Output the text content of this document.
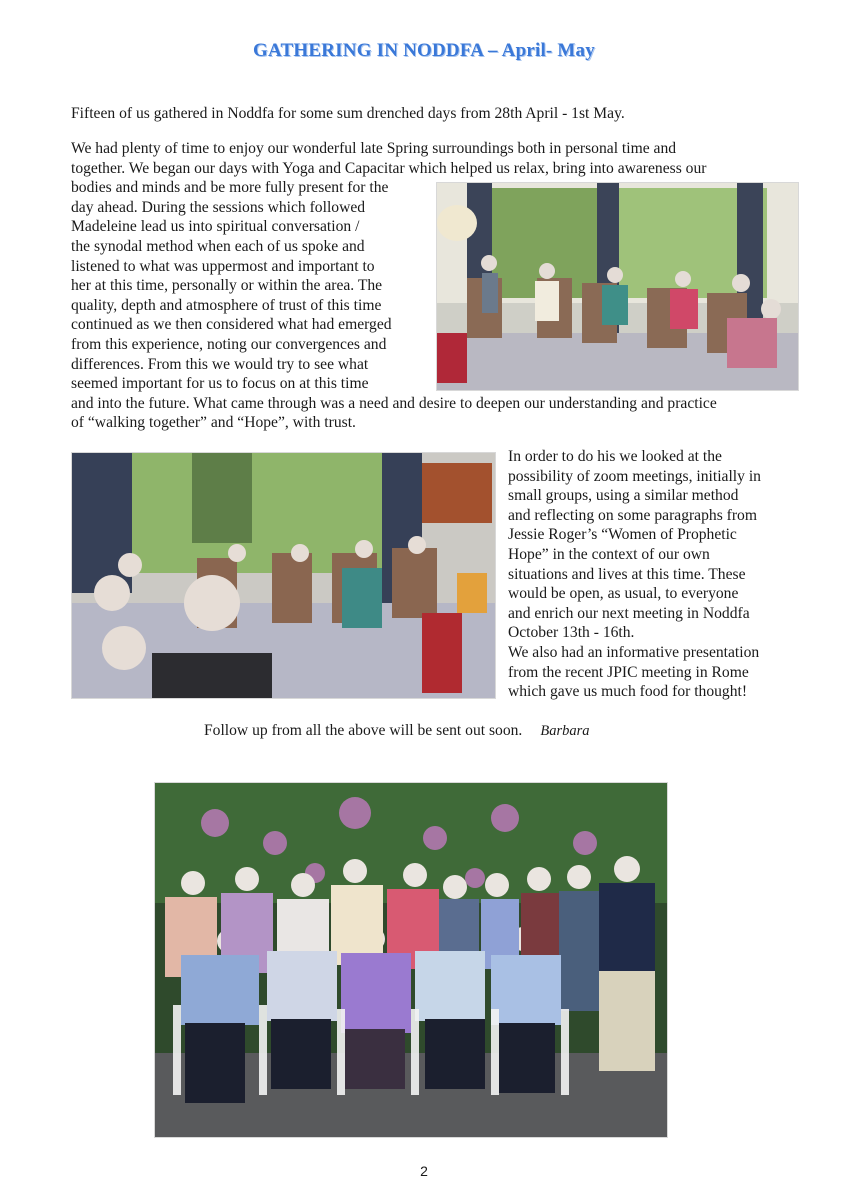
GATHERING IN NODDFA – April- May

Fifteen of us gathered in Noddfa for some sum drenched days from 28th April - 1st May.

We had plenty of time to enjoy our wonderful late Spring surroundings both in personal time and
together. We began our days with Yoga and Capacitar which helped us relax, bring into awareness our
bodies and minds and be more fully present for the
day ahead. During the sessions which followed
Madeleine lead us into spiritual conversation /
the synodal method when each of us spoke and
listened to what was uppermost and important to
her at this time, personally or within the area. The
quality, depth and atmosphere of trust of this time
continued as we then considered what had emerged
from this experience, noting our convergences and
differences. From this we would try to see what
seemed important for us to focus on at this time
and into the future. What came through was a need and desire to deepen our understanding and practice
of “walking together” and “Hope”, with trust.
In order to do his we looked at the
possibility of zoom meetings, initially in
small groups, using a similar method
and reflecting on some paragraphs from
Jessie Roger’s “Women of Prophetic
Hope” in the context of our own
situations and lives at this time. These
would be open, as usual, to everyone
and enrich our next meeting in Noddfa
October 13th - 16th.
We also had an informative presentation
from the recent JPIC meeting in Rome
which gave us much food for thought!
Follow up from all the above will be sent out soon. Barbara
2
